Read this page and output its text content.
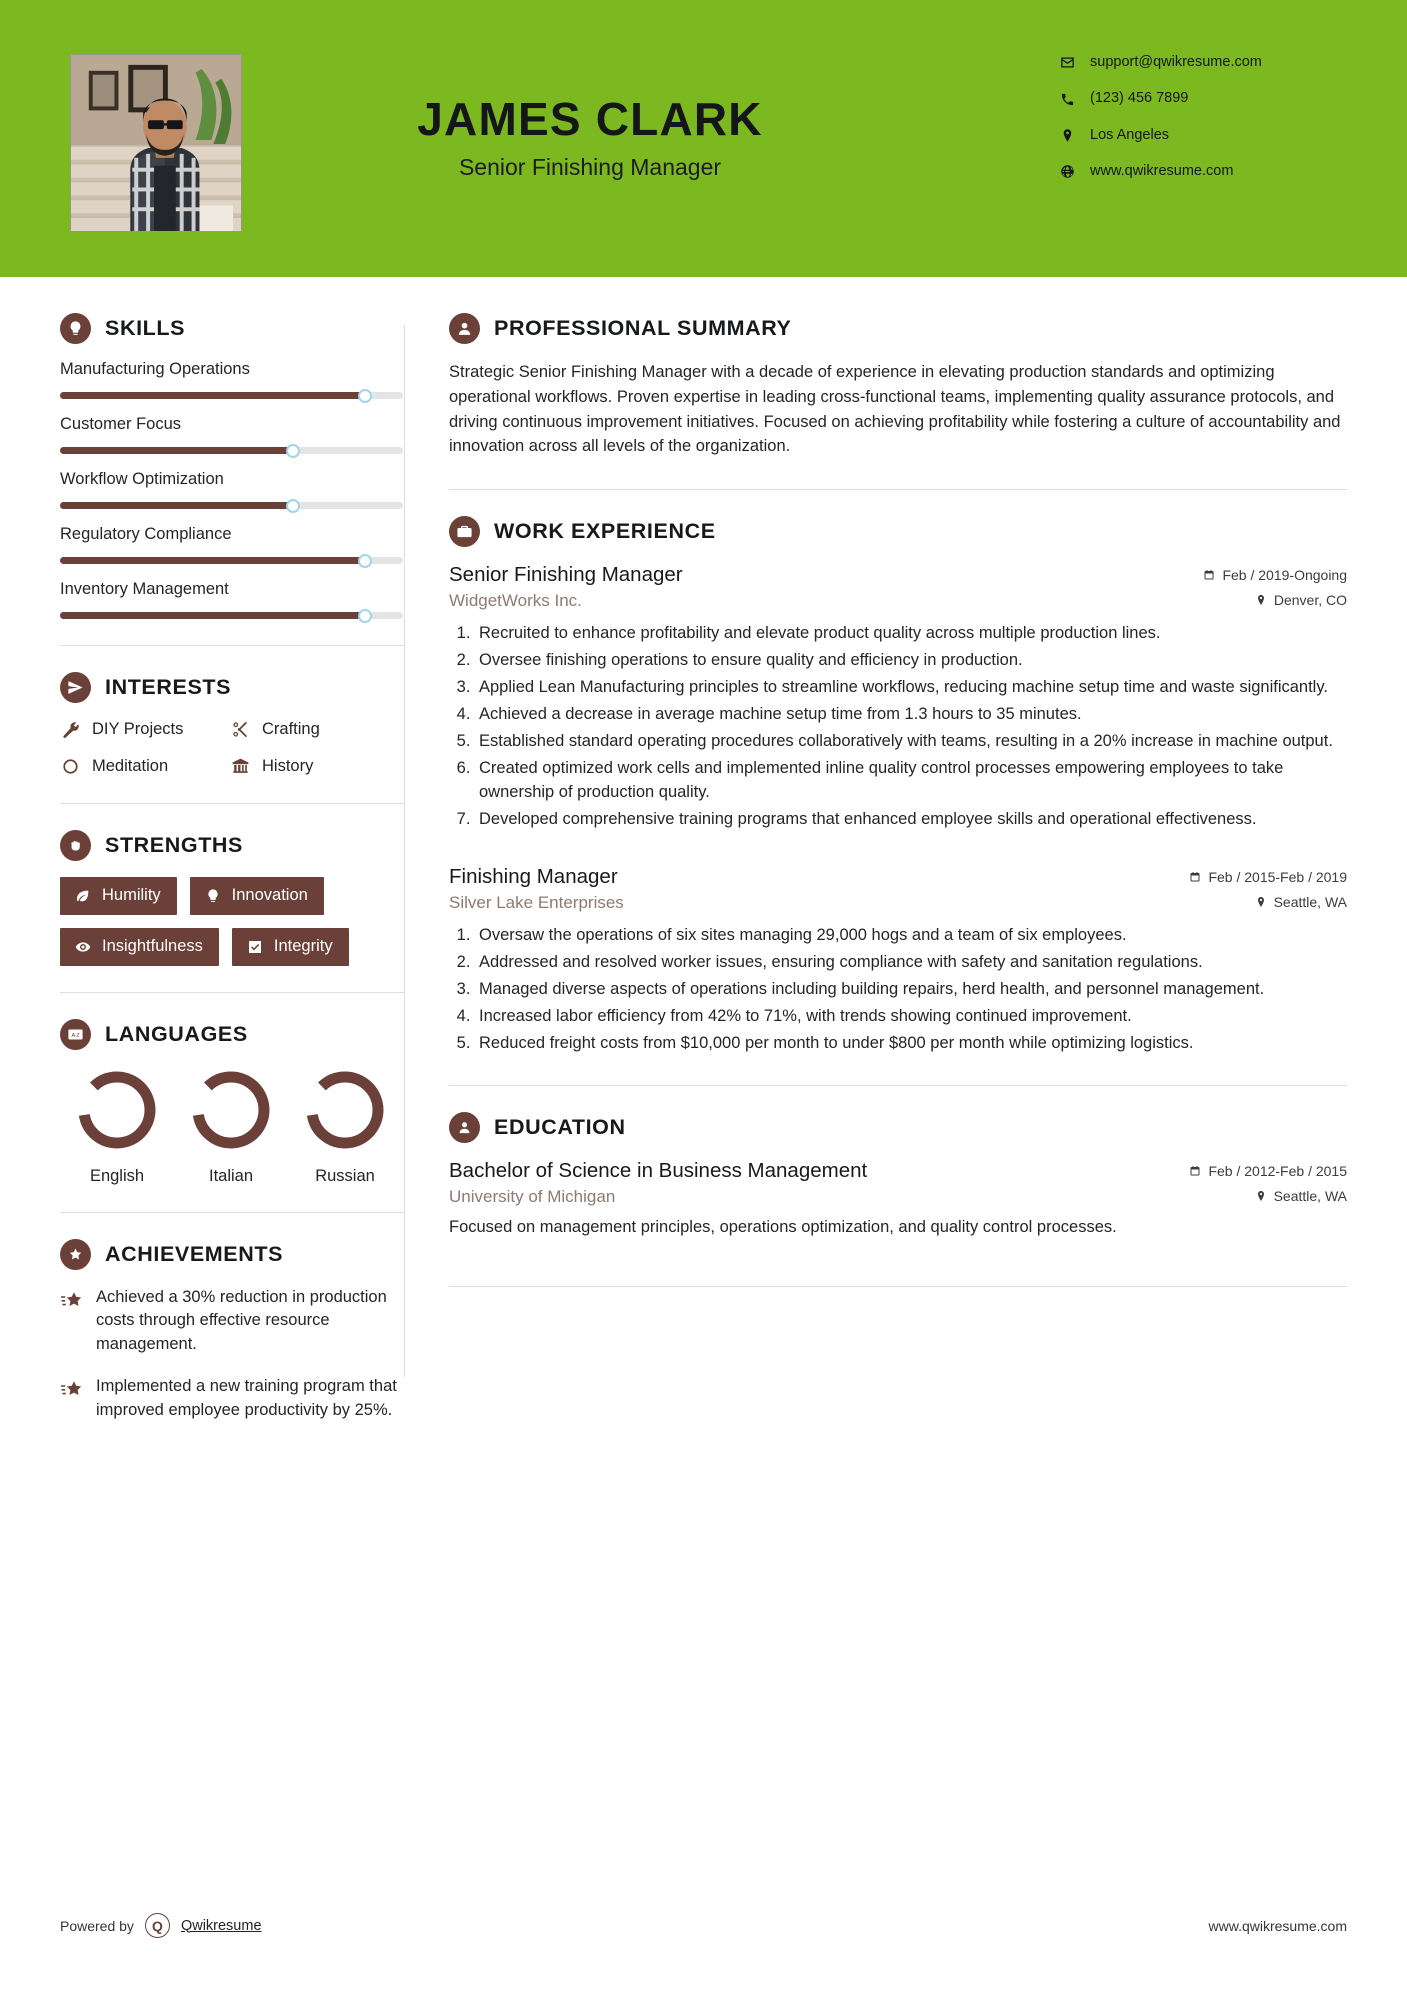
JAMES CLARK
Senior Finishing Manager
support@qwikresume.com
(123) 456 7899
Los Angeles
www.qwikresume.com
SKILLS
Manufacturing Operations
Customer Focus
Workflow Optimization
Regulatory Compliance
Inventory Management
INTERESTS
DIY Projects	Crafting
Meditation	History
STRENGTHS
Humility	Innovation
Insightfulness	Integrity
A Z LANGUAGES
English	Italian	Russian
ACHIEVEMENTS
Achieved a 30% reduction in production costs through effective resource management.
Implemented a new training program that improved employee productivity by 25%.
PROFESSIONAL SUMMARY
Strategic Senior Finishing Manager with a decade of experience in elevating production standards and optimizing operational workflows. Proven expertise in leading cross-functional teams, implementing quality assurance protocols, and driving continuous improvement initiatives. Focused on achieving profitability while fostering a culture of accountability and innovation across all levels of the organization.
WORK EXPERIENCE
Senior Finishing Manager	Feb / 2019-Ongoing
WidgetWorks Inc.	Denver, CO
1. Recruited to enhance profitability and elevate product quality across multiple production lines.
2. Oversee finishing operations to ensure quality and efficiency in production.
3. Applied Lean Manufacturing principles to streamline workflows, reducing machine setup time and waste significantly.
4. Achieved a decrease in average machine setup time from 1.3 hours to 35 minutes.
5. Established standard operating procedures collaboratively with teams, resulting in a 20% increase in machine output.
6. Created optimized work cells and implemented inline quality control processes empowering employees to take ownership of production quality.
7. Developed comprehensive training programs that enhanced employee skills and operational effectiveness.
Finishing Manager	Feb / 2015-Feb / 2019
Silver Lake Enterprises	Seattle, WA
1. Oversaw the operations of six sites managing 29,000 hogs and a team of six employees.
2. Addressed and resolved worker issues, ensuring compliance with safety and sanitation regulations.
3. Managed diverse aspects of operations including building repairs, herd health, and personnel management.
4. Increased labor efficiency from 42% to 71%, with trends showing continued improvement.
5. Reduced freight costs from $10,000 per month to under $800 per month while optimizing logistics.
EDUCATION
Bachelor of Science in Business Management	Feb / 2012-Feb / 2015
University of Michigan	Seattle, WA
Focused on management principles, operations optimization, and quality control processes.
Powered by	Q	Qwikresume	www.qwikresume.com
